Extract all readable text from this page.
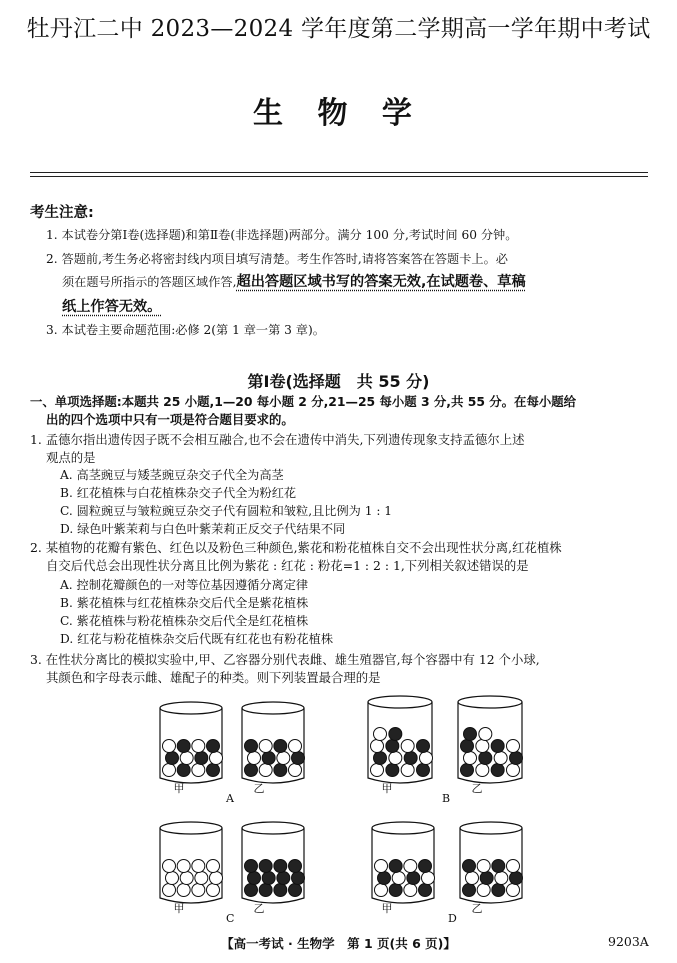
牡丹江二中 2023—2024 学年度第二学期高一学年期中考试
生 物 学
考生注意:
1. 本试卷分第Ⅰ卷(选择题)和第Ⅱ卷(非选择题)两部分。满分 100 分,考试时间 60 分钟。
2. 答题前,考生务必将密封线内项目填写清楚。考生作答时,请将答案答在答题卡上。必
须在题号所指示的答题区域作答,超出答题区域书写的答案无效,在试题卷、草稿
纸上作答无效。
3. 本试卷主要命题范围:必修 2(第 1 章一第 3 章)。
第Ⅰ卷(选择题　共 55 分)
一、单项选择题:本题共 25 小题,1—20 每小题 2 分,21—25 每小题 3 分,共 55 分。在每小题给
出的四个选项中只有一项是符合题目要求的。
1. 孟德尔指出遗传因子既不会相互融合,也不会在遗传中消失,下列遗传现象支持孟德尔上述
观点的是
A. 高茎豌豆与矮茎豌豆杂交子代全为高茎
B. 红花植株与白花植株杂交子代全为粉红花
C. 圆粒豌豆与皱粒豌豆杂交子代有圆粒和皱粒,且比例为 1 : 1
D. 绿色叶紫茉莉与白色叶紫茉莉正反交子代结果不同
2. 某植物的花瓣有紫色、红色以及粉色三种颜色,紫花和粉花植株自交不会出现性状分离,红花植株
自交后代总会出现性状分离且比例为紫花 : 红花 : 粉花=1 : 2 : 1,下列相关叙述错误的是
A. 控制花瓣颜色的一对等位基因遵循分离定律
B. 紫花植株与红花植株杂交后代全是紫花植株
C. 紫花植株与粉花植株杂交后代全是红花植株
D. 红花与粉花植株杂交后代既有红花也有粉花植株
3. 在性状分离比的模拟实验中,甲、乙容器分别代表雌、雄生殖器官,每个容器中有 12 个小球,
其颜色和字母表示雌、雄配子的种类。则下列装置最合理的是
甲	乙
A
甲	乙
B
甲	乙
C
甲	乙
D
【高一考试 · 生物学　第 1 页(共 6 页)】	9203A
